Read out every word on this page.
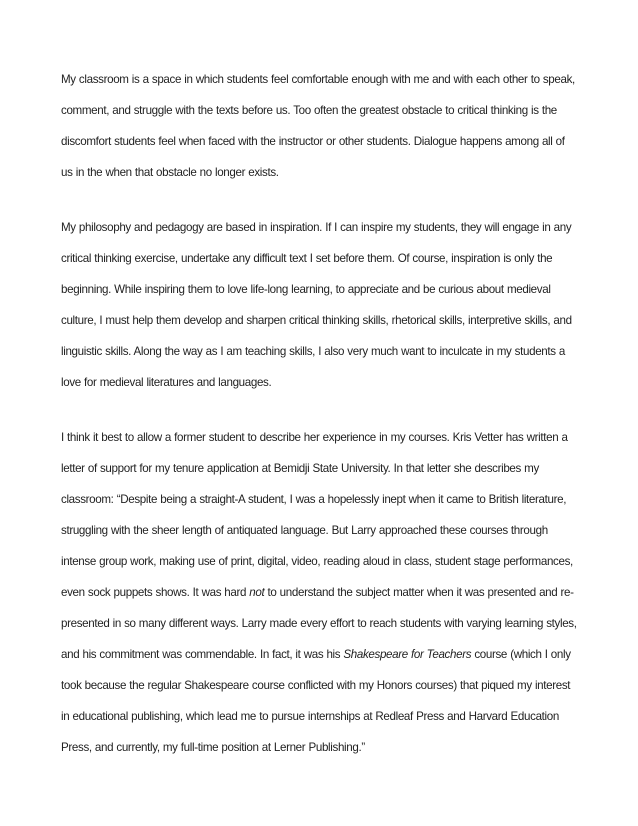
My classroom is a space in which students feel comfortable enough with me and with each other to speak,

comment, and struggle with the texts before us. Too often the greatest obstacle to critical thinking is the

discomfort students feel when faced with the instructor or other students. Dialogue happens among all of

us in the when that obstacle no longer exists.

My philosophy and pedagogy are based in inspiration. If I can inspire my students, they will engage in any

critical thinking exercise, undertake any difficult text I set before them. Of course, inspiration is only the

beginning. While inspiring them to love life-long learning, to appreciate and be curious about medieval

culture, I must help them develop and sharpen critical thinking skills, rhetorical skills, interpretive skills, and

linguistic skills. Along the way as I am teaching skills, I also very much want to inculcate in my students a

love for medieval literatures and languages.

I think it best to allow a former student to describe her experience in my courses. Kris Vetter has written a

letter of support for my tenure application at Bemidji State University. In that letter she describes my

classroom: “Despite being a straight-A student, I was a hopelessly inept when it came to British literature,

struggling with the sheer length of antiquated language. But Larry approached these courses through

intense group work, making use of print, digital, video, reading aloud in class, student stage performances,

even sock puppets shows. It was hard not to understand the subject matter when it was presented and re-

presented in so many different ways. Larry made every effort to reach students with varying learning styles,

and his commitment was commendable. In fact, it was his Shakespeare for Teachers course (which I only

took because the regular Shakespeare course conflicted with my Honors courses) that piqued my interest

in educational publishing, which lead me to pursue internships at Redleaf Press and Harvard Education

Press, and currently, my full-time position at Lerner Publishing.”
